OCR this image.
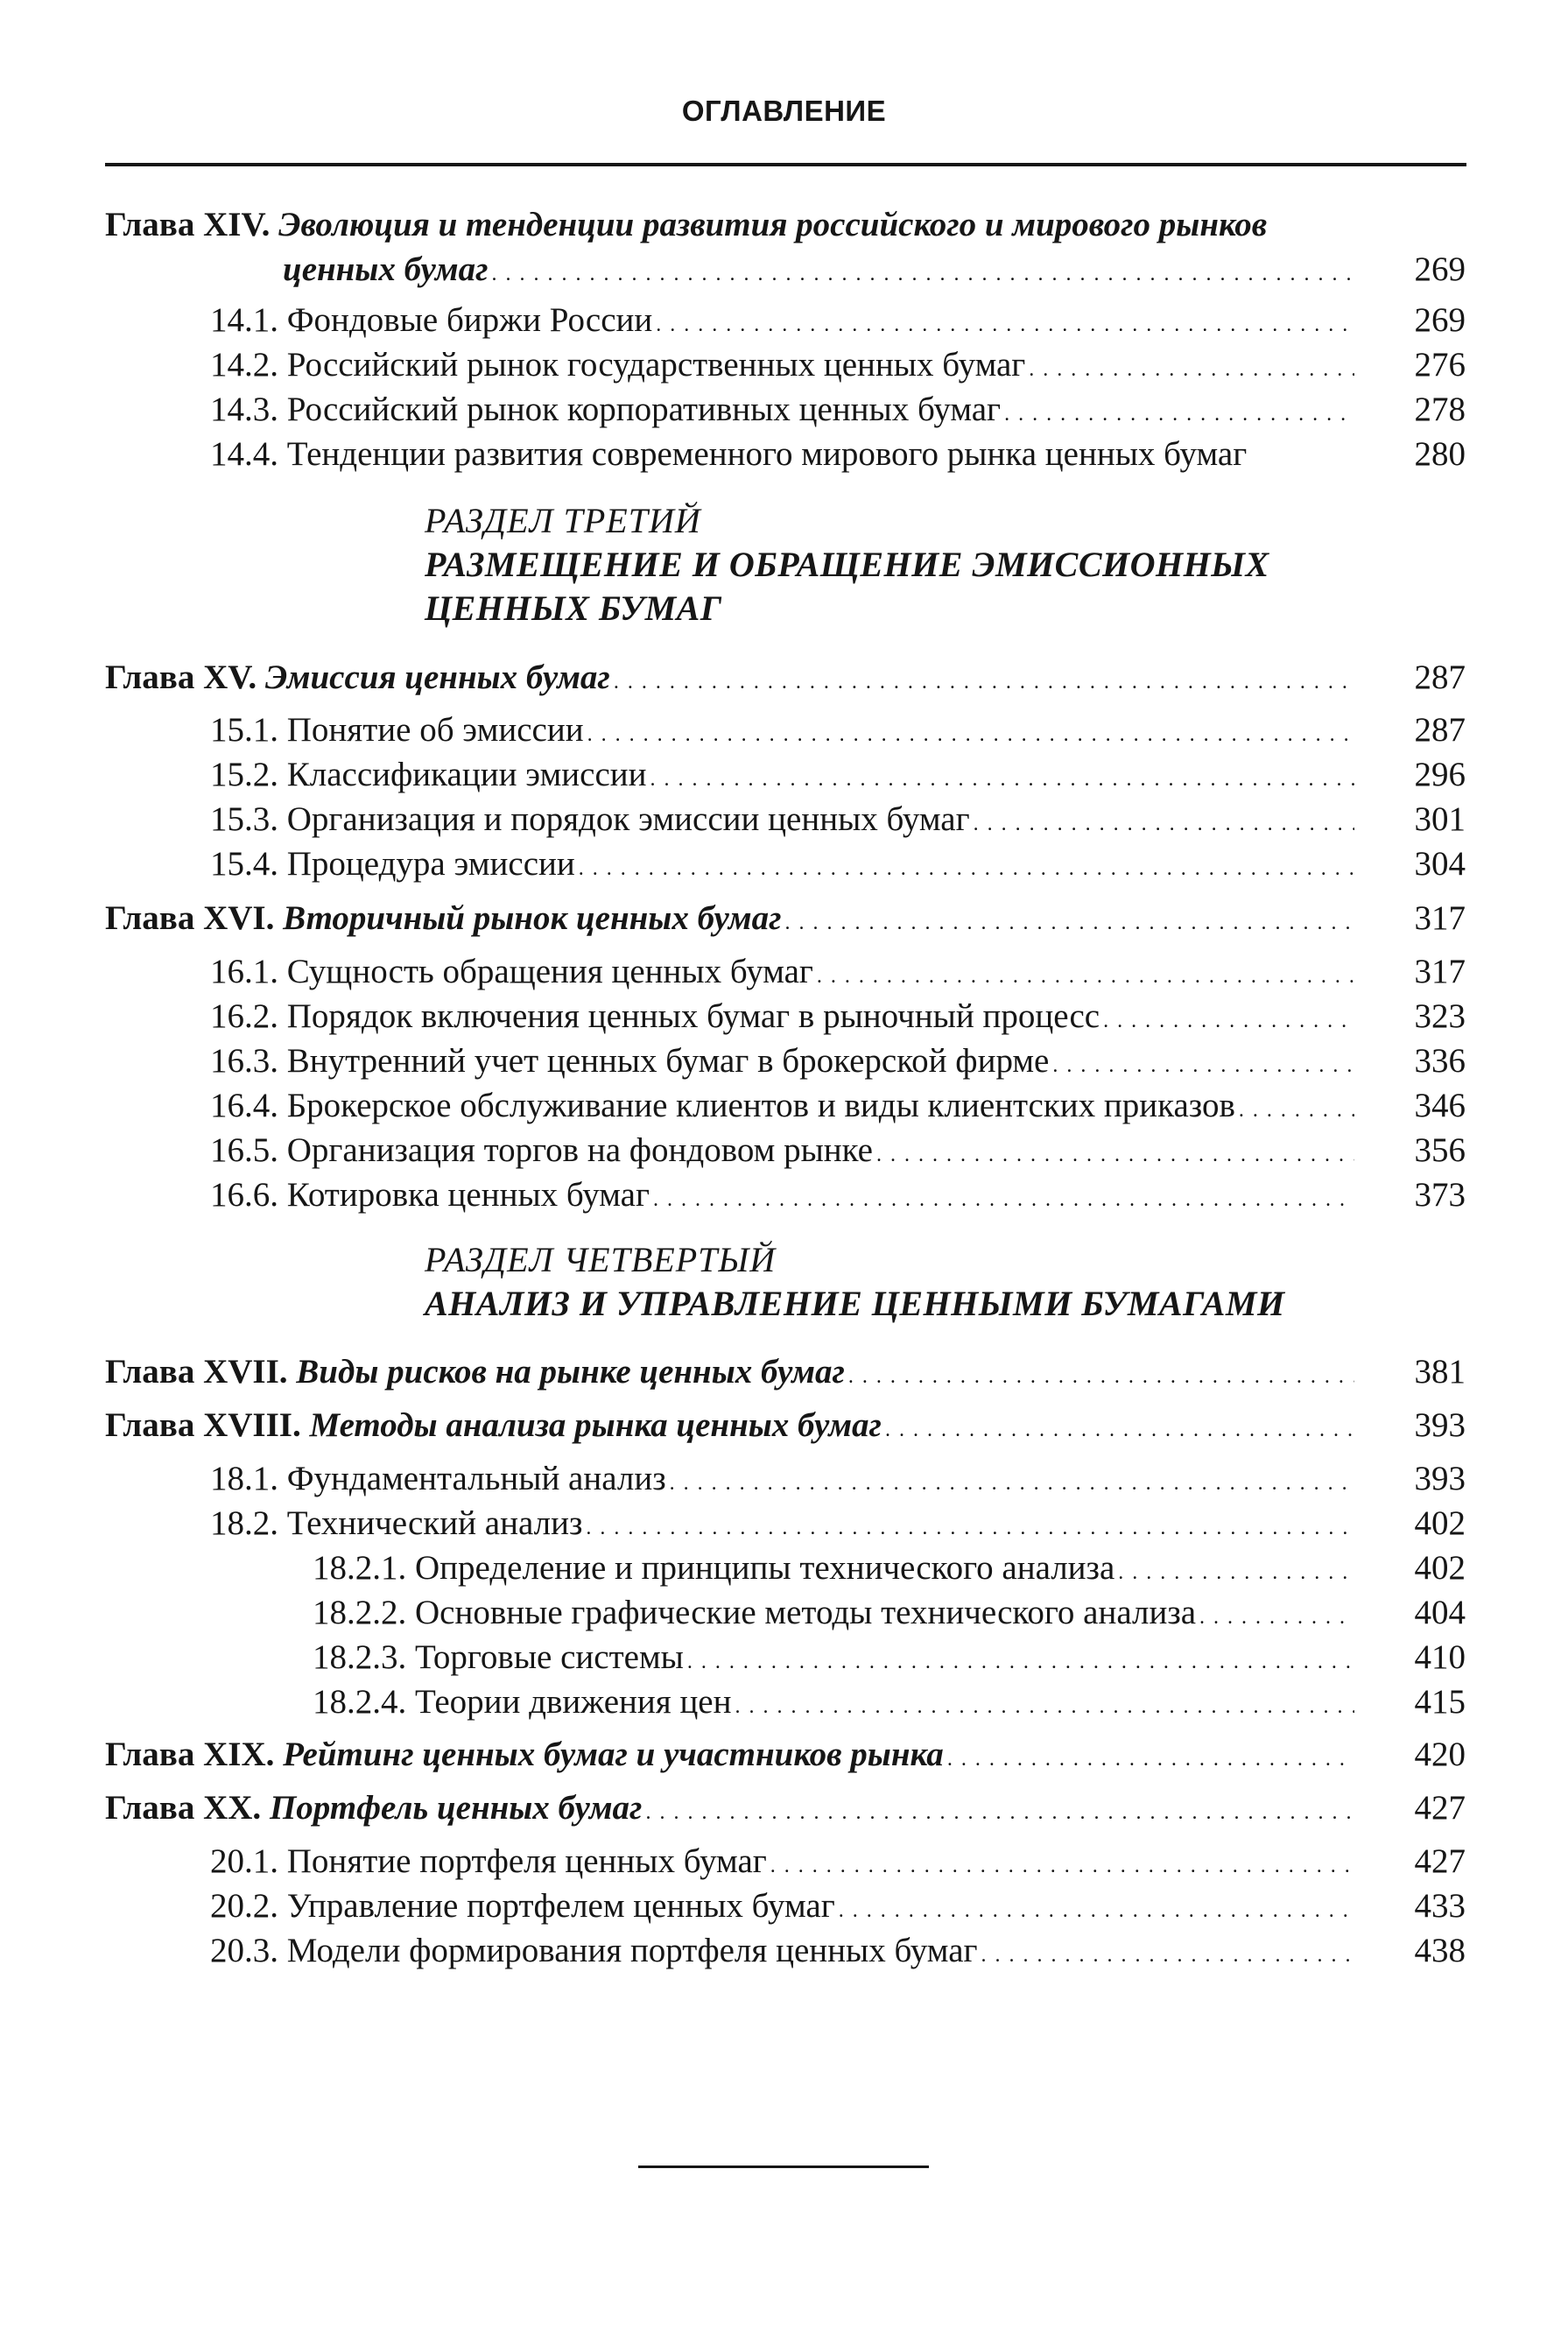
ОГЛАВЛЕНИЕ
Глава XIV. Эволюция и тенденции развития российского и мирового рынков
ценных бумаг . . .	269
14.1. Фондовые биржи России . . .	269
14.2. Российский рынок государственных ценных бумаг . . .	276
14.3. Российский рынок корпоративных ценных бумаг . . .	278
14.4. Тенденции развития современного мирового рынка ценных бумаг	280
РАЗДЕЛ ТРЕТИЙ
РАЗМЕЩЕНИЕ И ОБРАЩЕНИЕ ЭМИССИОННЫХ
ЦЕННЫХ БУМАГ
Глава XV. Эмиссия ценных бумаг . . .	287
15.1. Понятие об эмиссии . . .	287
15.2. Классификации эмиссии . . .	296
15.3. Организация и порядок эмиссии ценных бумаг . . .	301
15.4. Процедура эмиссии . . .	304
Глава XVI. Вторичный рынок ценных бумаг . . .	317
16.1. Сущность обращения ценных бумаг . . .	317
16.2. Порядок включения ценных бумаг в рыночный процесс . . .	323
16.3. Внутренний учет ценных бумаг в брокерской фирме . . .	336
16.4. Брокерское обслуживание клиентов и виды клиентских приказов . . .	346
16.5. Организация торгов на фондовом рынке . . .	356
16.6. Котировка ценных бумаг . . .	373
РАЗДЕЛ ЧЕТВЕРТЫЙ
АНАЛИЗ И УПРАВЛЕНИЕ ЦЕННЫМИ БУМАГАМИ
Глава XVII. Виды рисков на рынке ценных бумаг . . .	381
Глава XVIII. Методы анализа рынка ценных бумаг . . .	393
18.1. Фундаментальный анализ . . .	393
18.2. Технический анализ . . .	402
18.2.1. Определение и принципы технического анализа . . .	402
18.2.2. Основные графические методы технического анализа . . .	404
18.2.3. Торговые системы . . .	410
18.2.4. Теории движения цен . . .	415
Глава XIX. Рейтинг ценных бумаг и участников рынка . . .	420
Глава XX. Портфель ценных бумаг . . .	427
20.1. Понятие портфеля ценных бумаг . . .	427
20.2. Управление портфелем ценных бумаг . . .	433
20.3. Модели формирования портфеля ценных бумаг . . .	438
